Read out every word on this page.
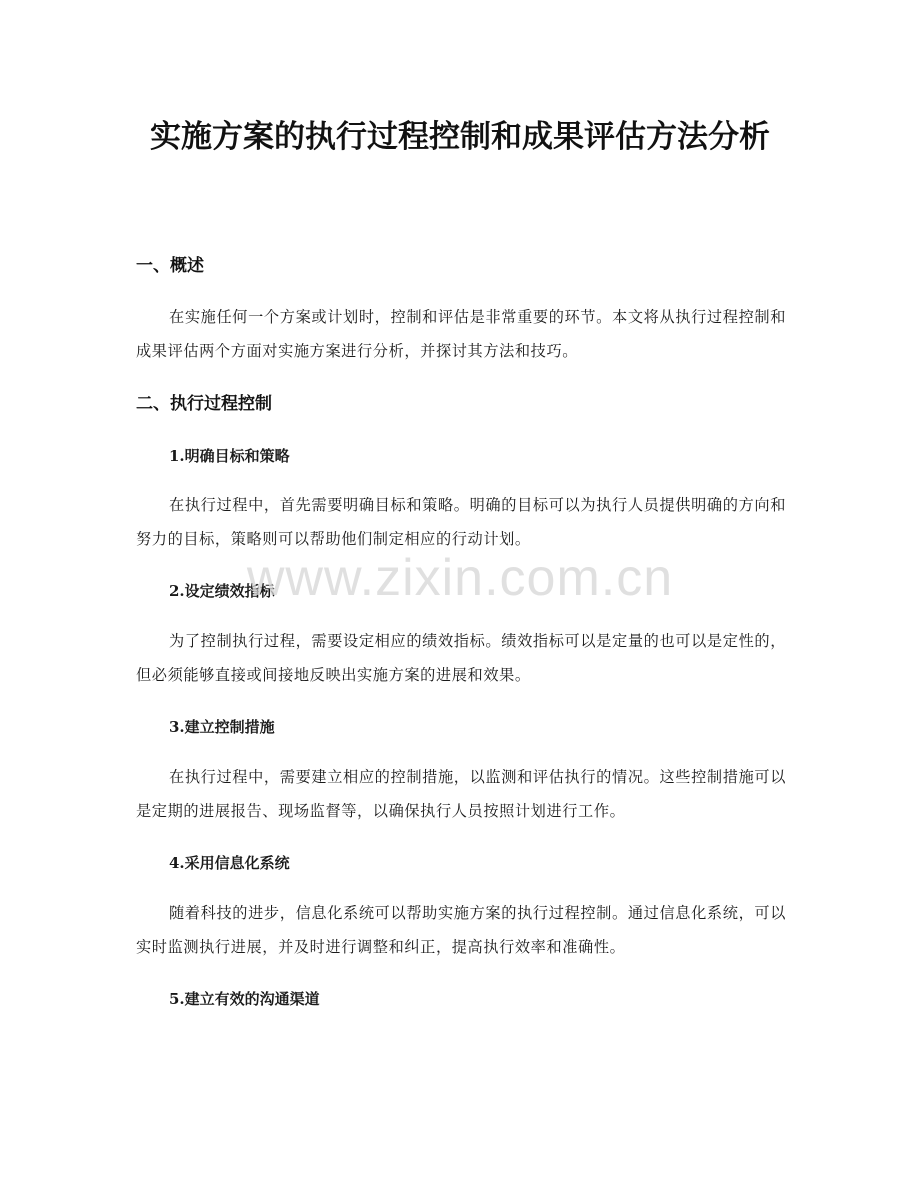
实施方案的执行过程控制和成果评估方法分析
一、概述

在实施任何一个方案或计划时，控制和评估是非常重要的环节。本文将从执行过程控制和成果评估两个方面对实施方案进行分析，并探讨其方法和技巧。

二、执行过程控制
1.明确目标和策略

在执行过程中，首先需要明确目标和策略。明确的目标可以为执行人员提供明确的方向和努力的目标，策略则可以帮助他们制定相应的行动计划。

2.设定绩效指标

为了控制执行过程，需要设定相应的绩效指标。绩效指标可以是定量的也可以是定性的，但必须能够直接或间接地反映出实施方案的进展和效果。

3.建立控制措施

在执行过程中，需要建立相应的控制措施，以监测和评估执行的情况。这些控制措施可以是定期的进展报告、现场监督等，以确保执行人员按照计划进行工作。

4.采用信息化系统

随着科技的进步，信息化系统可以帮助实施方案的执行过程控制。通过信息化系统，可以实时监测执行进展，并及时进行调整和纠正，提高执行效率和准确性。

5.建立有效的沟通渠道
www.zixin.com.cn
